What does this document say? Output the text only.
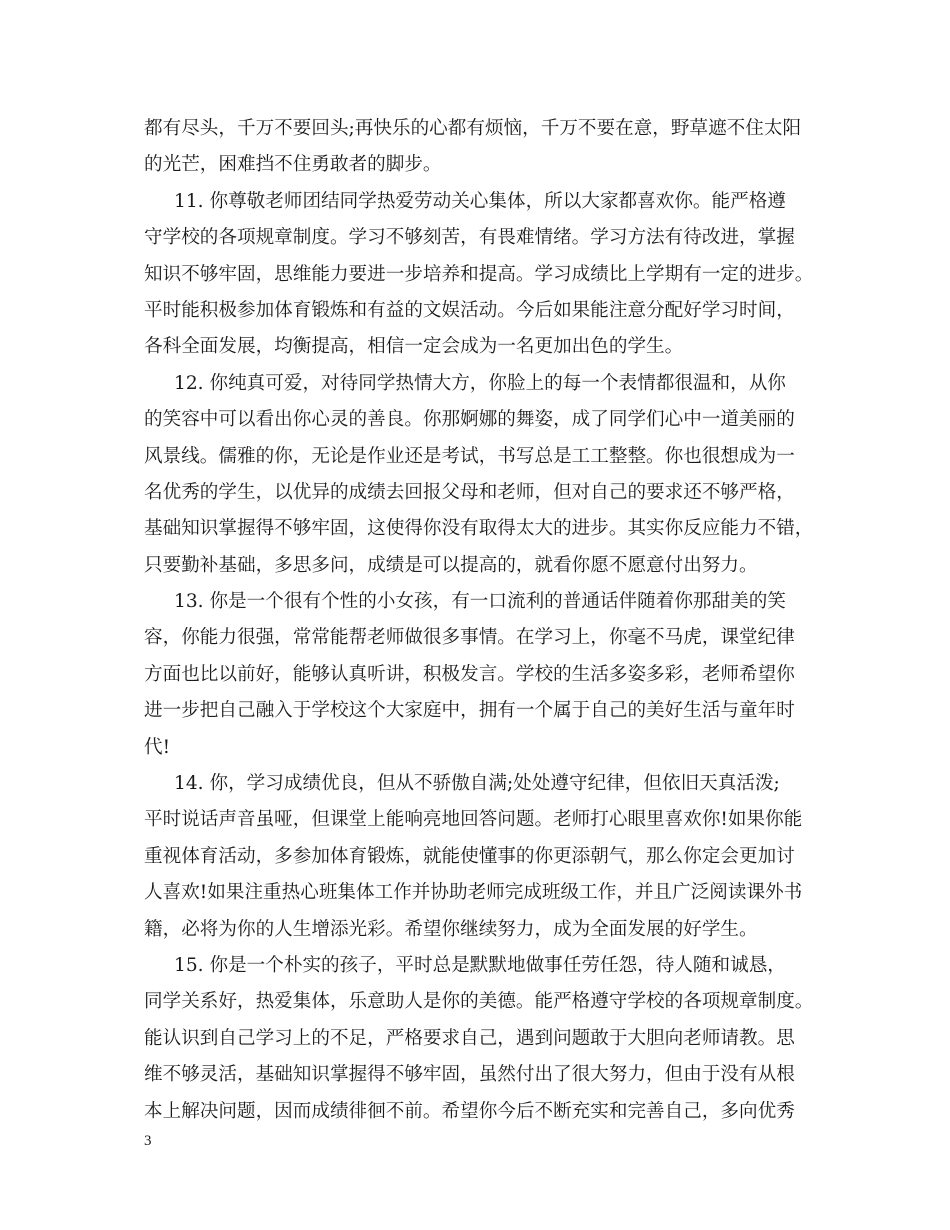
都有尽头，千万不要回头;再快乐的心都有烦恼，千万不要在意，野草遮不住太阳
的光芒，困难挡不住勇敢者的脚步。
11. 你尊敬老师团结同学热爱劳动关心集体，所以大家都喜欢你。能严格遵
守学校的各项规章制度。学习不够刻苦，有畏难情绪。学习方法有待改进，掌握
知识不够牢固，思维能力要进一步培养和提高。学习成绩比上学期有一定的进步。
平时能积极参加体育锻炼和有益的文娱活动。今后如果能注意分配好学习时间，
各科全面发展，均衡提高，相信一定会成为一名更加出色的学生。
12. 你纯真可爱，对待同学热情大方，你脸上的每一个表情都很温和，从你
的笑容中可以看出你心灵的善良。你那婀娜的舞姿，成了同学们心中一道美丽的
风景线。儒雅的你，无论是作业还是考试，书写总是工工整整。你也很想成为一
名优秀的学生，以优异的成绩去回报父母和老师，但对自己的要求还不够严格，
基础知识掌握得不够牢固，这使得你没有取得太大的进步。其实你反应能力不错，
只要勤补基础，多思多问，成绩是可以提高的，就看你愿不愿意付出努力。
13. 你是一个很有个性的小女孩，有一口流利的普通话伴随着你那甜美的笑
容，你能力很强，常常能帮老师做很多事情。在学习上，你毫不马虎，课堂纪律
方面也比以前好，能够认真听讲，积极发言。学校的生活多姿多彩，老师希望你
进一步把自己融入于学校这个大家庭中，拥有一个属于自己的美好生活与童年时
代!
14. 你，学习成绩优良，但从不骄傲自满;处处遵守纪律，但依旧天真活泼;
平时说话声音虽哑，但课堂上能响亮地回答问题。老师打心眼里喜欢你!如果你能
重视体育活动，多参加体育锻炼，就能使懂事的你更添朝气，那么你定会更加讨
人喜欢!如果注重热心班集体工作并协助老师完成班级工作，并且广泛阅读课外书
籍，必将为你的人生增添光彩。希望你继续努力，成为全面发展的好学生。
15. 你是一个朴实的孩子，平时总是默默地做事任劳任怨，待人随和诚恳，
同学关系好，热爱集体，乐意助人是你的美德。能严格遵守学校的各项规章制度。
能认识到自己学习上的不足，严格要求自己，遇到问题敢于大胆向老师请教。思
维不够灵活，基础知识掌握得不够牢固，虽然付出了很大努力，但由于没有从根
本上解决问题，因而成绩徘徊不前。希望你今后不断充实和完善自己，多向优秀
3
